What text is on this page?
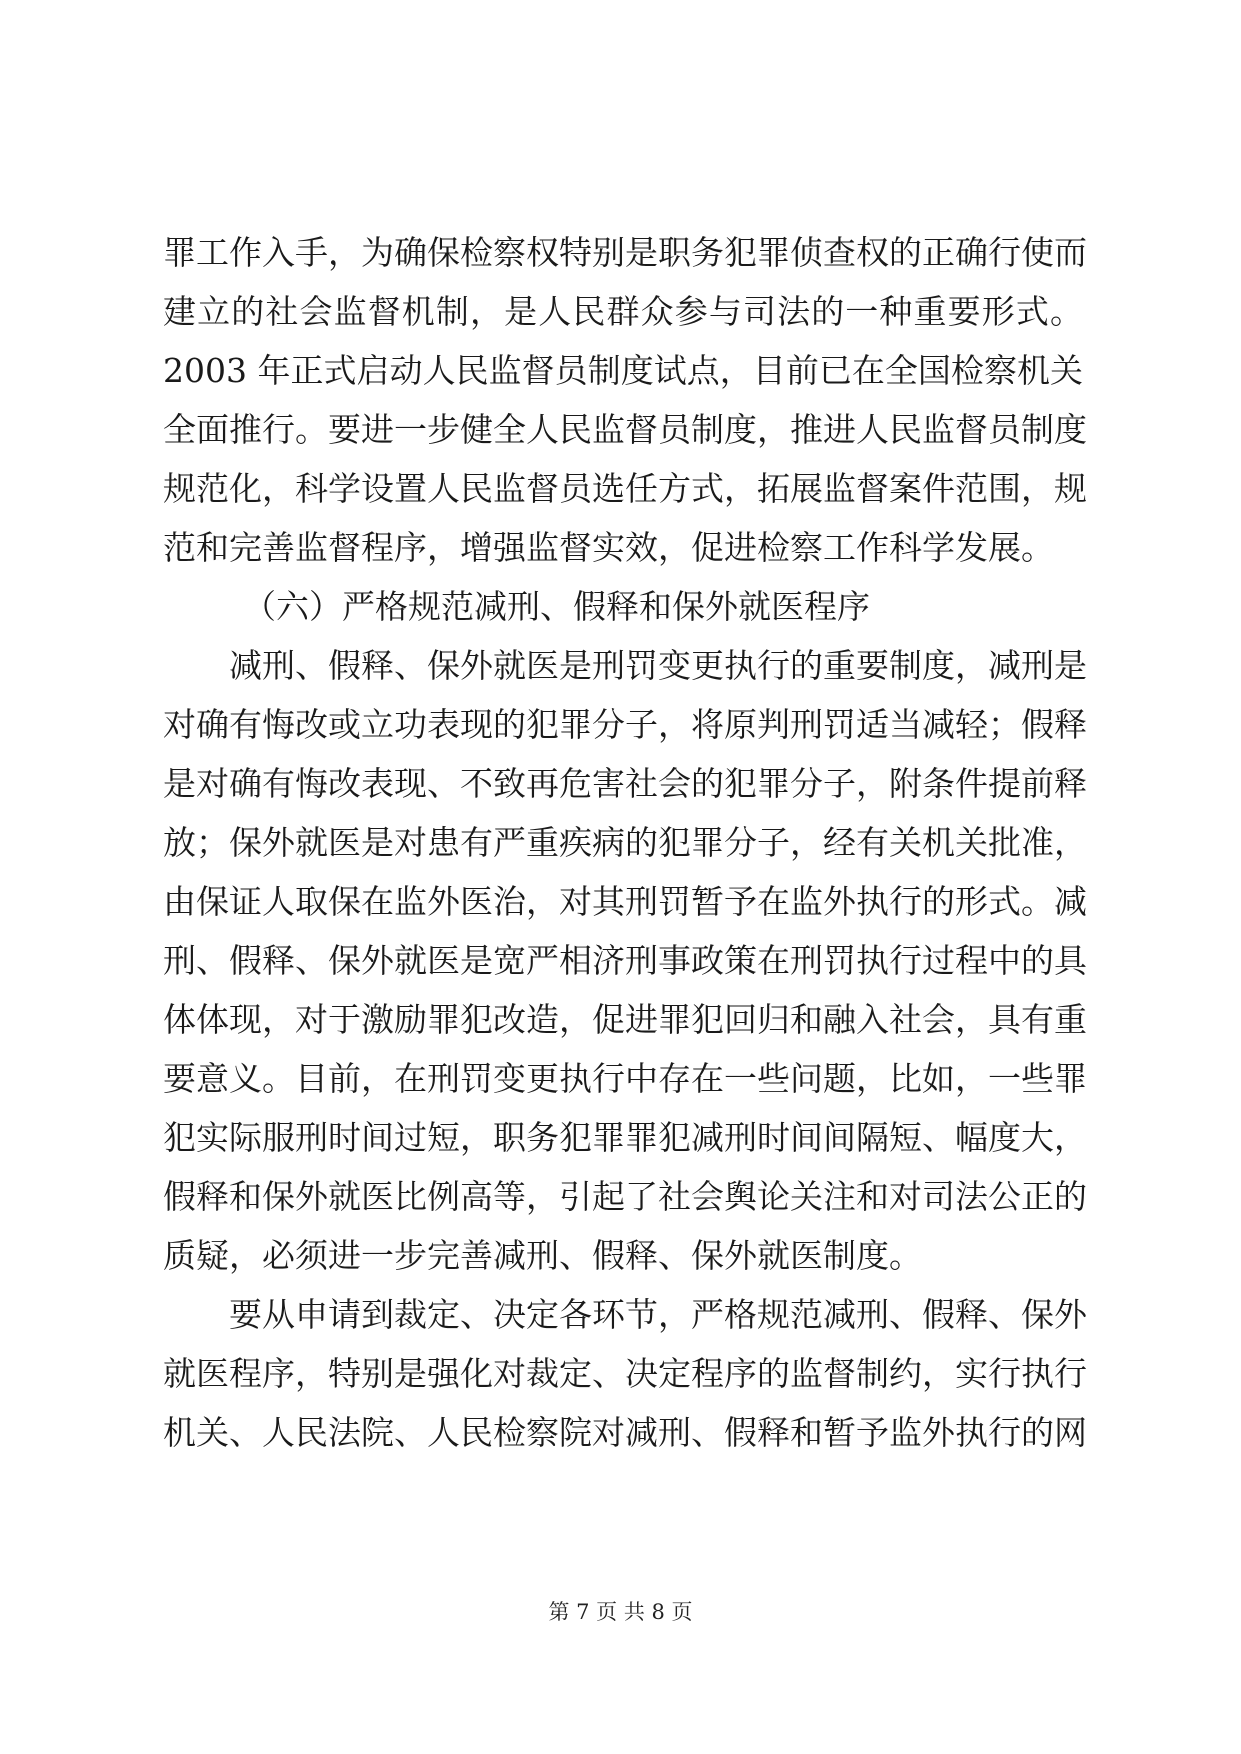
罪工作入手，为确保检察权特别是职务犯罪侦查权的正确行使而
建立的社会监督机制，是人民群众参与司法的一种重要形式。
2003 年正式启动人民监督员制度试点，目前已在全国检察机关
全面推行。要进一步健全人民监督员制度，推进人民监督员制度
规范化，科学设置人民监督员选任方式，拓展监督案件范围，规
范和完善监督程序，增强监督实效，促进检察工作科学发展。
（六）严格规范减刑、假释和保外就医程序
减刑、假释、保外就医是刑罚变更执行的重要制度，减刑是
对确有悔改或立功表现的犯罪分子，将原判刑罚适当减轻；假释
是对确有悔改表现、不致再危害社会的犯罪分子，附条件提前释
放；保外就医是对患有严重疾病的犯罪分子，经有关机关批准，
由保证人取保在监外医治，对其刑罚暂予在监外执行的形式。减
刑、假释、保外就医是宽严相济刑事政策在刑罚执行过程中的具
体体现，对于激励罪犯改造，促进罪犯回归和融入社会，具有重
要意义。目前，在刑罚变更执行中存在一些问题，比如，一些罪
犯实际服刑时间过短，职务犯罪罪犯减刑时间间隔短、幅度大，
假释和保外就医比例高等，引起了社会舆论关注和对司法公正的
质疑，必须进一步完善减刑、假释、保外就医制度。
要从申请到裁定、决定各环节，严格规范减刑、假释、保外
就医程序，特别是强化对裁定、决定程序的监督制约，实行执行
机关、人民法院、人民检察院对减刑、假释和暂予监外执行的网
第 7 页 共 8 页
